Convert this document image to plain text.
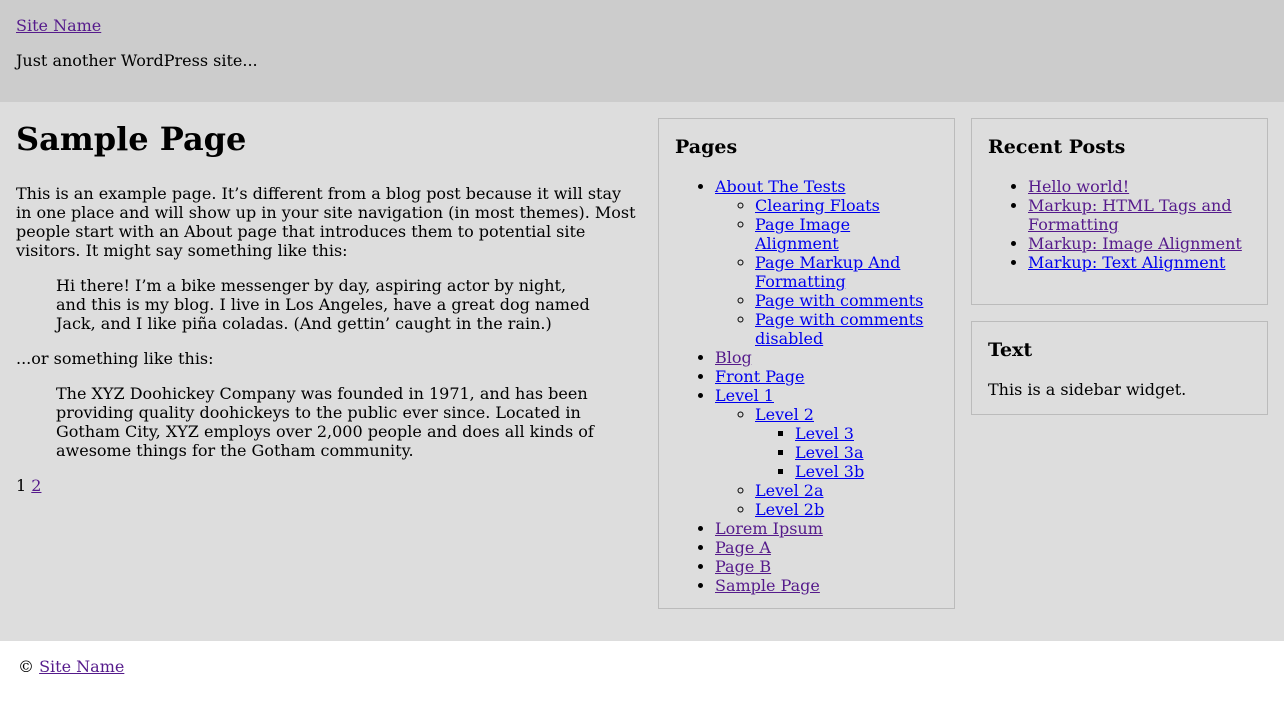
Site Name

Just another WordPress site...

Sample Page

This is an example page. It’s different from a blog post because it will stay in one place and will show up in your site navigation (in most themes). Most people start with an About page that introduces them to potential site visitors. It might say something like this:

Hi there! I’m a bike messenger by day, aspiring actor by night, and this is my blog. I live in Los Angeles, have a great dog named Jack, and I like piña coladas. (And gettin’ caught in the rain.)

...or something like this:

The XYZ Doohickey Company was founded in 1971, and has been providing quality doohickeys to the public ever since. Located in Gotham City, XYZ employs over 2,000 people and does all kinds of awesome things for the Gotham community.

1 2

Pages
• About The Tests
◦ Clearing Floats
◦ Page Image Alignment
◦ Page Markup And Formatting
◦ Page with comments
◦ Page with comments disabled
• Blog
• Front Page
• Level 1
◦ Level 2
▪ Level 3
▪ Level 3a
▪ Level 3b
◦ Level 2a
◦ Level 2b
• Lorem Ipsum
• Page A
• Page B
• Sample Page
Recent Posts
• Hello world!
• Markup: HTML Tags and Formatting
• Markup: Image Alignment
• Markup: Text Alignment
Text

This is a sidebar widget.

© Site Name
